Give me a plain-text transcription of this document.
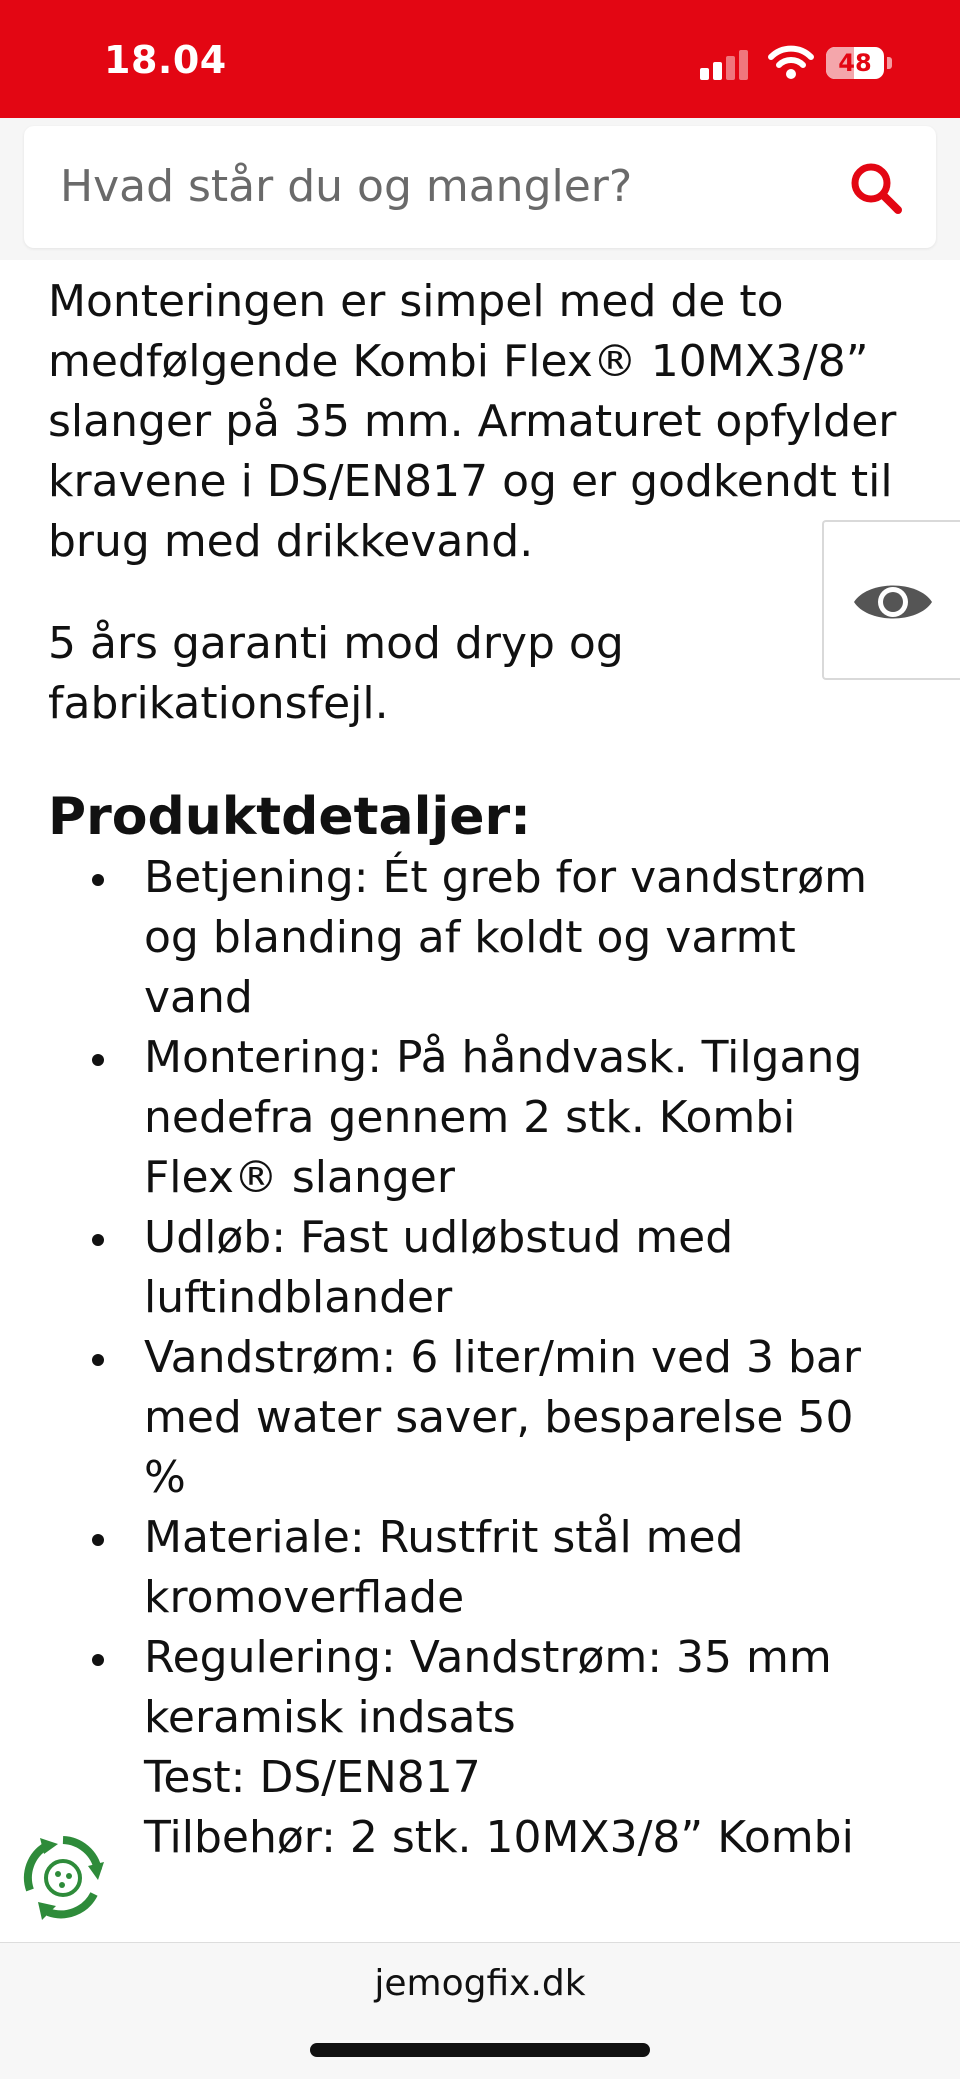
18.04	48
Hvad står du og mangler?

Monteringen er simpel med de to medfølgende Kombi Flex® 10MX3/8” slanger på 35 mm. Armaturet opfylder kravene i DS/EN817 og er godkendt til brug med drikkevand.

5 års garanti mod dryp og fabrikationsfejl.

Produktdetaljer:
Betjening: Ét greb for vandstrøm og blanding af koldt og varmt vand
Montering: På håndvask. Tilgang nedefra gennem 2 stk. Kombi Flex® slanger
Udløb: Fast udløbstud med luftindblander
Vandstrøm: 6 liter/min ved 3 bar med water saver, besparelse 50 %
Materiale: Rustfrit stål med kromoverflade
Regulering: Vandstrøm: 35 mm keramisk indsats
Test: DS/EN817
Tilbehør: 2 stk. 10MX3/8” Kombi
jemogfix.dk
